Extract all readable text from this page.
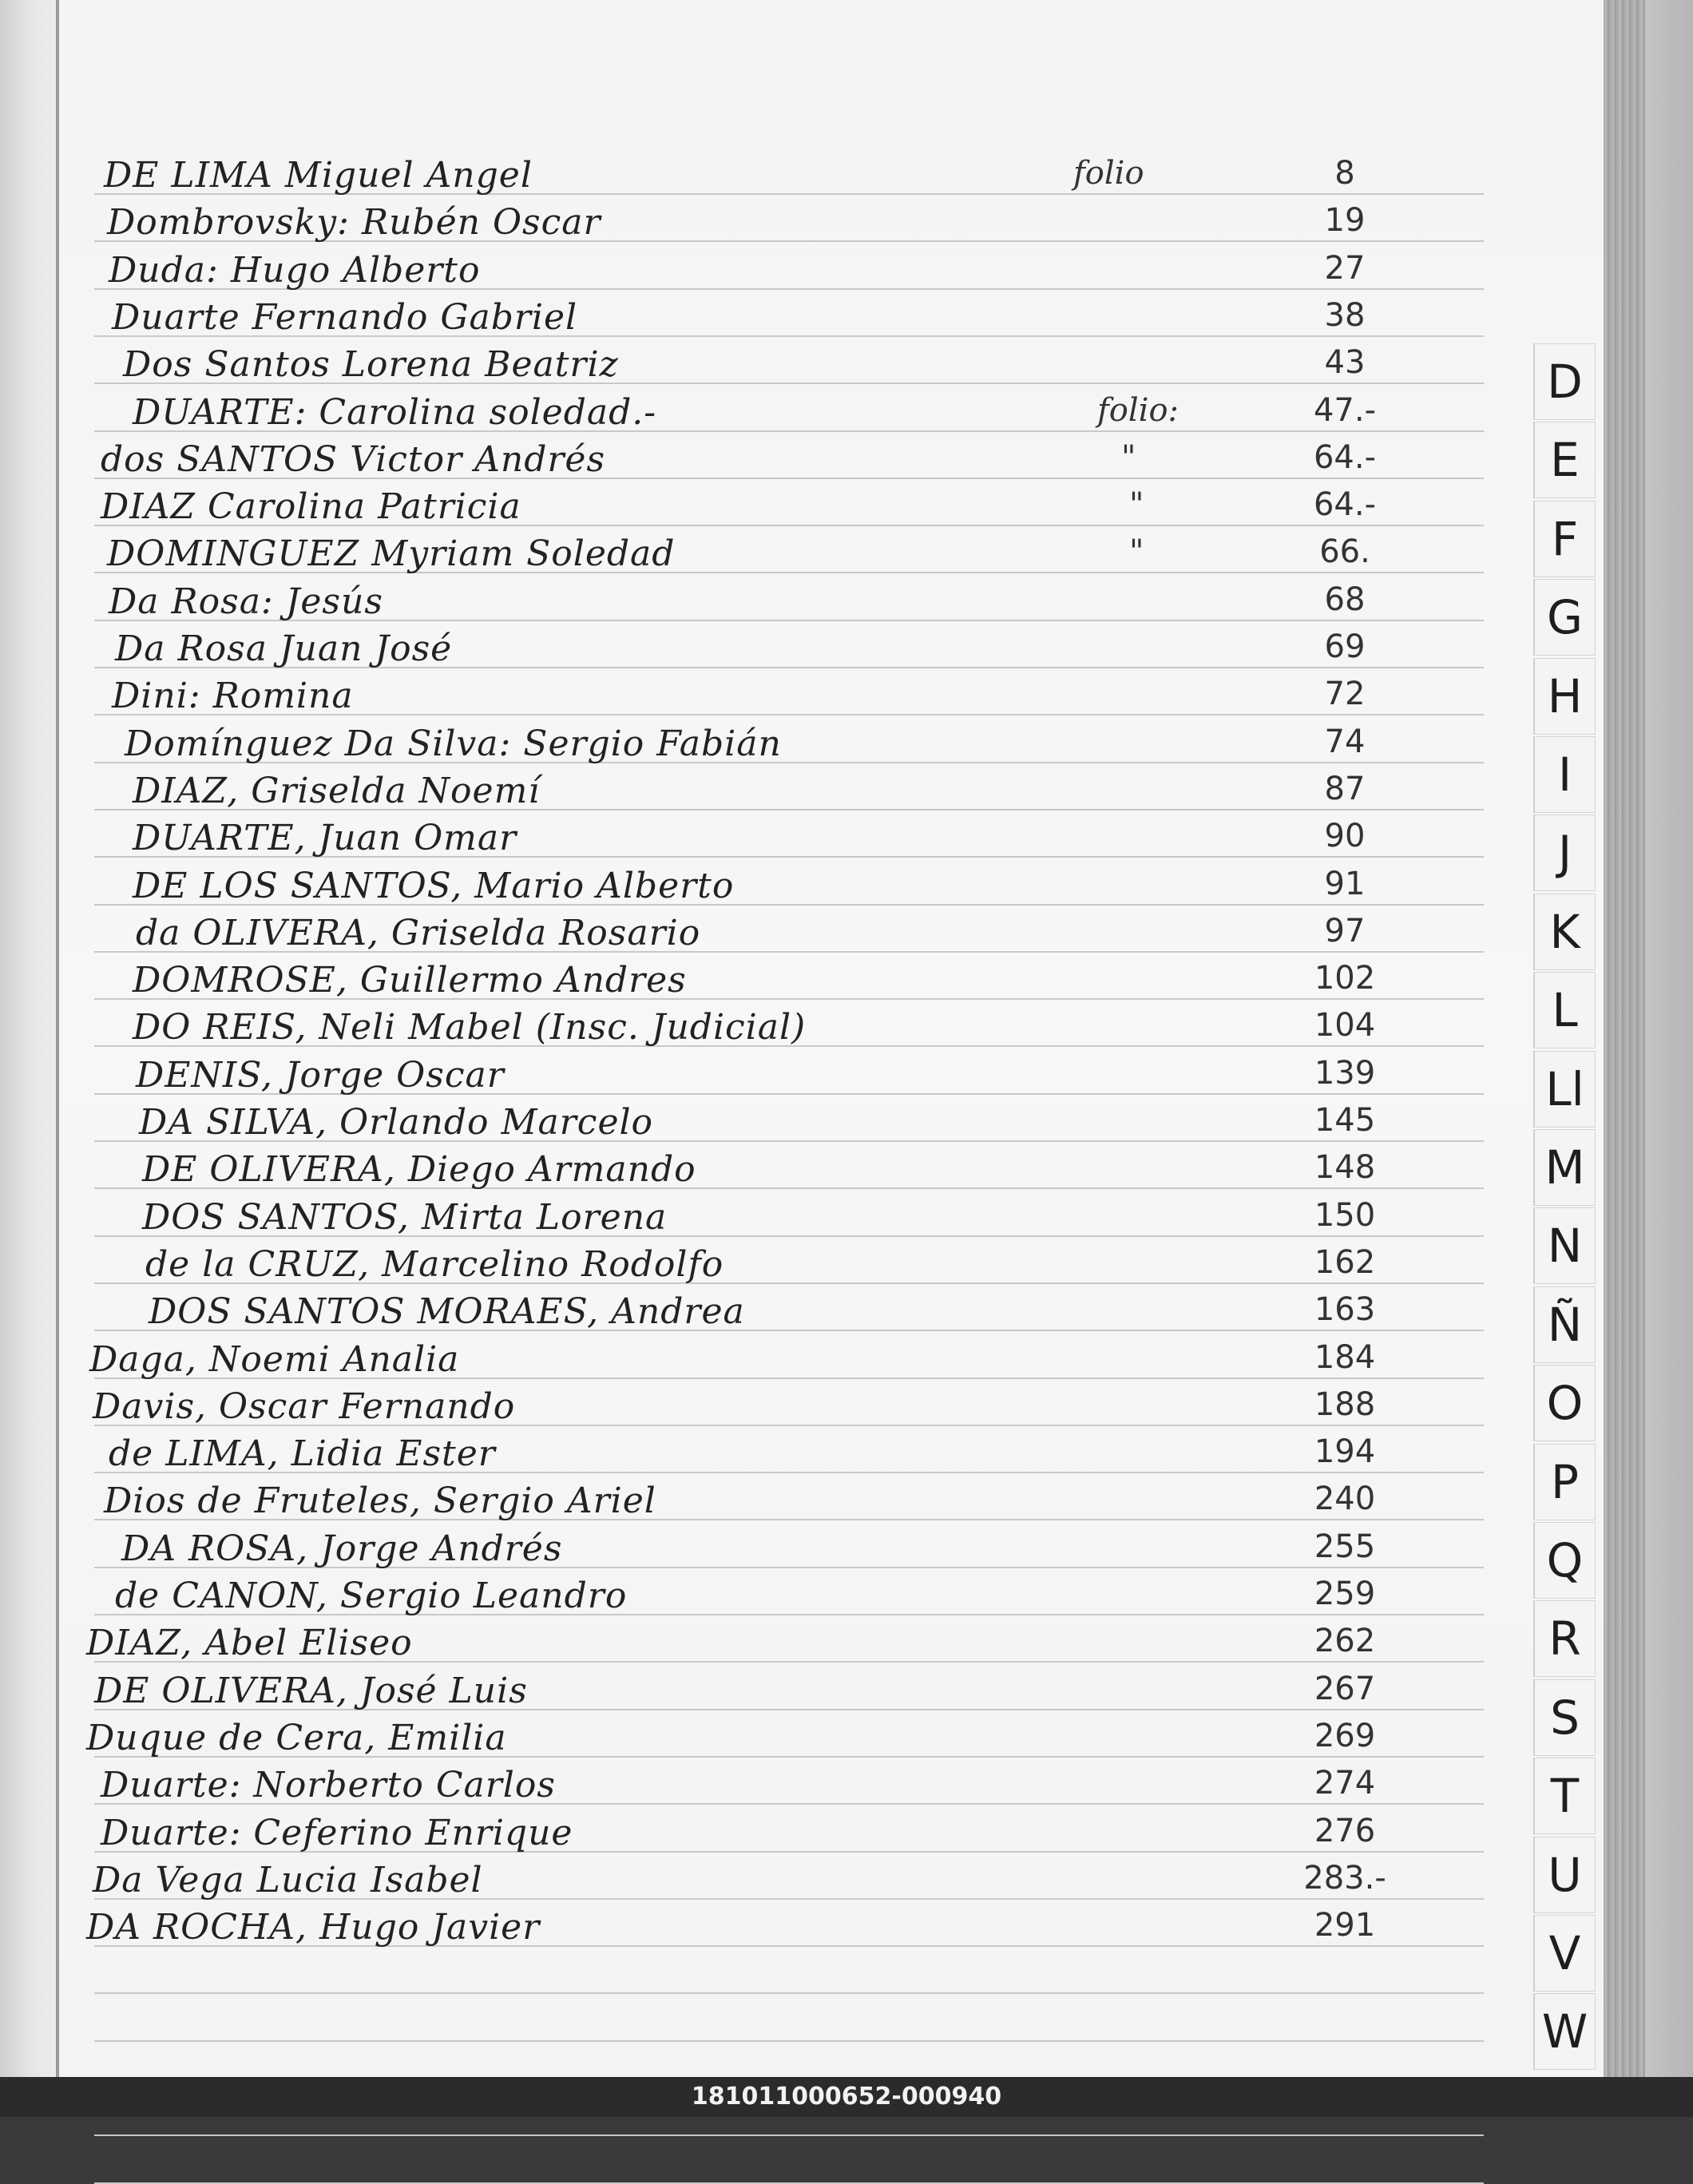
DE LIMA Miguel Angel	folio	8
Dombrovsky: Rubén Oscar	19
Duda: Hugo Alberto	27
Duarte Fernando Gabriel	38
Dos Santos Lorena Beatriz	43
DUARTE: Carolina soledad.-	folio:	47.-
dos SANTOS Victor Andrés	"	64.-
DIAZ Carolina Patricia	"	64.-
DOMINGUEZ Myriam Soledad	"	66.
Da Rosa: Jesús	68
Da Rosa Juan José	69
Dini: Romina	72
Domínguez Da Silva: Sergio Fabián	74
DIAZ, Griselda Noemí	87
DUARTE, Juan Omar	90
DE LOS SANTOS, Mario Alberto	91
da OLIVERA, Griselda Rosario	97
DOMROSE, Guillermo Andres	102
DO REIS, Neli Mabel (Insc. Judicial)	104
DENIS, Jorge Oscar	139
DA SILVA, Orlando Marcelo	145
DE OLIVERA, Diego Armando	148
DOS SANTOS, Mirta Lorena	150
de la CRUZ, Marcelino Rodolfo	162
DOS SANTOS MORAES, Andrea	163
Daga, Noemi Analia	184
Davis, Oscar Fernando	188
de LIMA, Lidia Ester	194
Dios de Fruteles, Sergio Ariel	240
DA ROSA, Jorge Andrés	255
de CANON, Sergio Leandro	259
DIAZ, Abel Eliseo	262
DE OLIVERA, José Luis	267
Duque de Cera, Emilia	269
Duarte: Norberto Carlos	274
Duarte: Ceferino Enrique	276
Da Vega Lucia Isabel	283.-
DA ROCHA, Hugo Javier	291
D
E
F
G
H
I
J
K
L
Ll
M
N
Ñ
O
P
Q
R
S
T
U
V
W
181011000652-000940
